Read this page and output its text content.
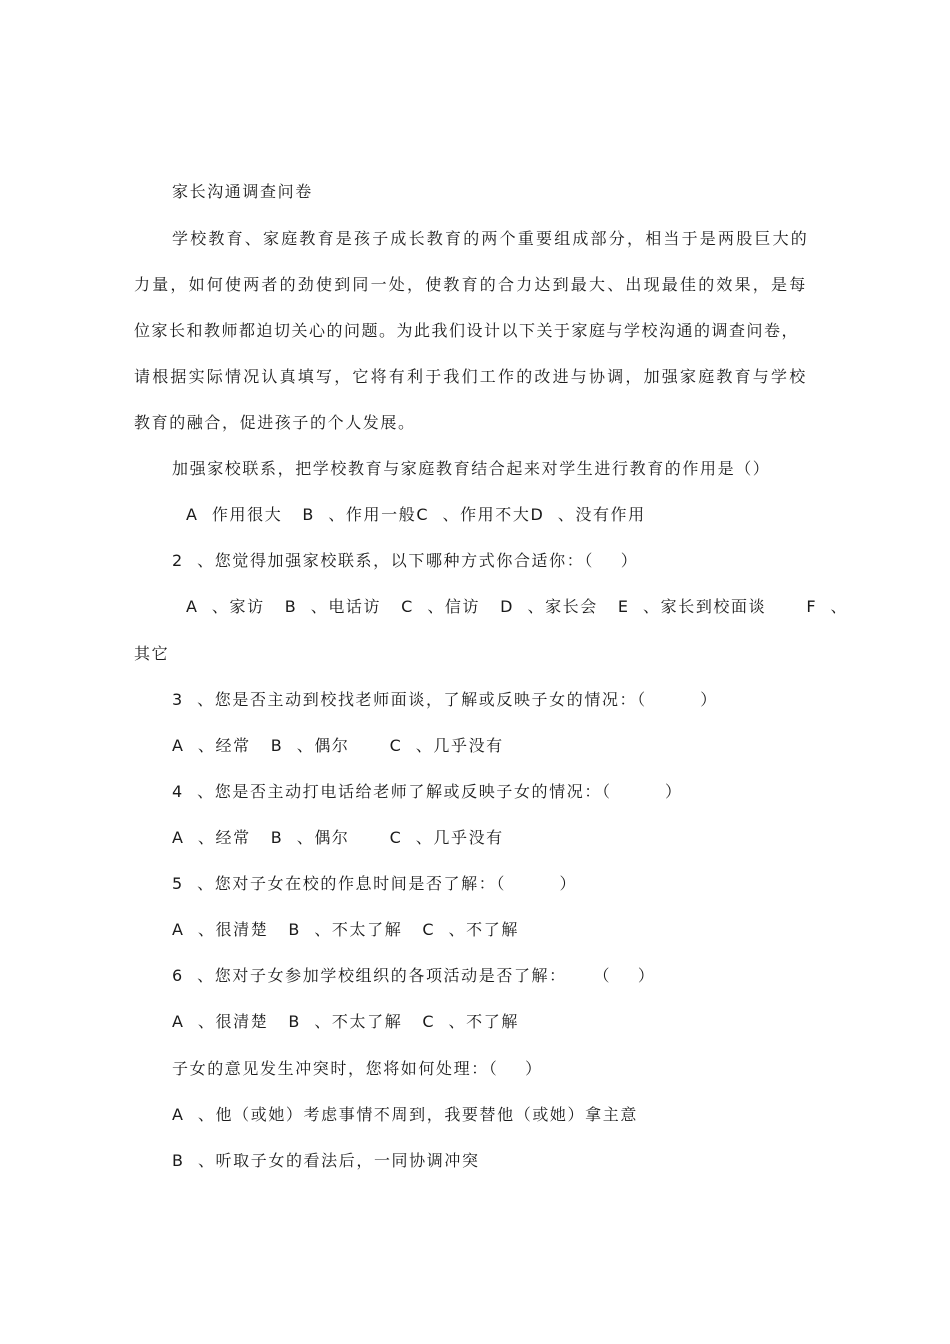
家长沟通调查问卷
学校教育、家庭教育是孩子成长教育的两个重要组成部分，相当于是两股巨大的
力量，如何使两者的劲使到同一处，使教育的合力达到最大、出现最佳的效果，是每
位家长和教师都迫切关心的问题。为此我们设计以下关于家庭与学校沟通的调查问卷，
请根据实际情况认真填写，它将有利于我们工作的改进与协调，加强家庭教育与学校
教育的融合，促进孩子的个人发展。
加强家校联系，把学校教育与家庭教育结合起来对学生进行教育的作用是（）
A  作用很大   B  、作用一般C  、作用不大D  、没有作用
2  、您觉得加强家校联系，以下哪种方式你合适你：（    ）
A  、家访   B  、电话访   C  、信访   D  、家长会   E  、家长到校面谈      F  、
其它
3  、您是否主动到校找老师面谈，了解或反映子女的情况：（        ）
A  、经常   B  、偶尔      C  、几乎没有
4  、您是否主动打电话给老师了解或反映子女的情况：（        ）
A  、经常   B  、偶尔      C  、几乎没有
5  、您对子女在校的作息时间是否了解：（        ）
A  、很清楚   B  、不太了解   C  、不了解
6  、您对子女参加学校组织的各项活动是否了解：    （    ）
A  、很清楚   B  、不太了解   C  、不了解
子女的意见发生冲突时，您将如何处理：（    ）
A  、他（或她）考虑事情不周到，我要替他（或她）拿主意
B  、听取子女的看法后，一同协调冲突
